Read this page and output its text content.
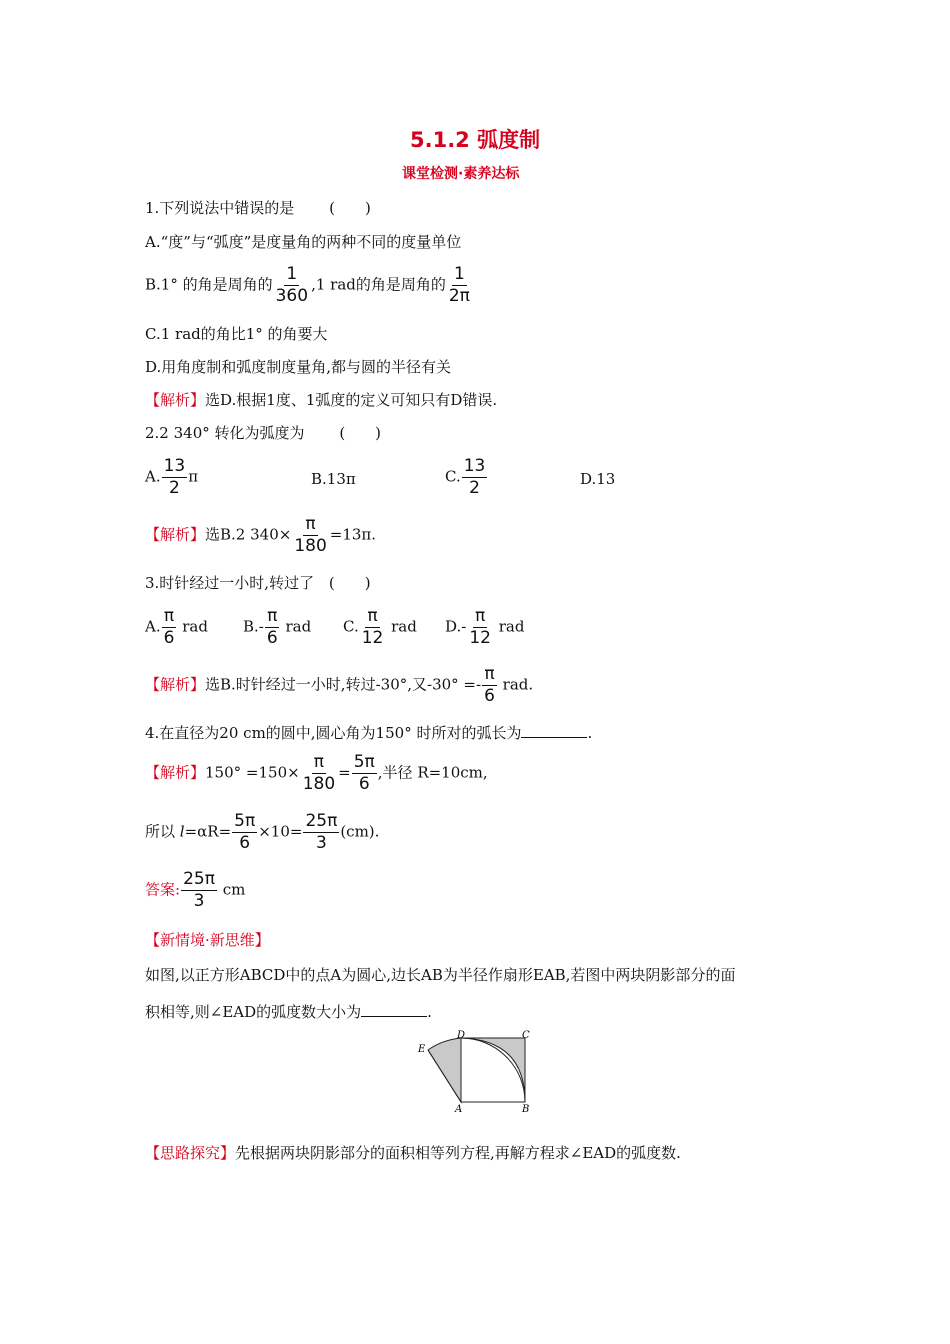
5.1.2 弧度制
课堂检测·素养达标
1.下列说法中错误的是 (　　)
A.“度”与“弧度”是度量角的两种不同的度量单位
B.1° 的角是周角的 $\frac{1}{360} ,1$ rad的角是周角的 $\frac{1}{2\pi}$
C.1 rad的角比1° 的角要大
D.用角度制和弧度制度量角,都与圆的半径有关
【解析】选D.根据1度、1弧度的定义可知只有D错误.
2.2 340° 转化为弧度为 (　　)
A. $\frac{13}{2}$ π	B.13π	C. $\frac{13}{2}$	D.13
【解析】选B.2 $340\times \frac{\pi}{180} =13\pi$.
3.时针经过一小时,转过了 (　　)
A. $\frac{\pi}{6}$ rad $B.- \frac{\pi}{6}$ rad C. $\frac{\pi}{12}$ rad $D.- \frac{\pi}{12}$ rad
【解析】选B.时针经过一小时,转过-30°,又$-30^\circ =- \frac{\pi}{6}$ rad.
4.在直径为20 cm的圆中,圆心角为150° 时所对的弧长为	.
【解析】$150^\circ =150\times \frac{\pi}{180} = \frac{5\pi}{6}$ ,半径 R=10cm,
所以 $l=\alpha R= \frac{5\pi}{6} \times 10= \frac{25\pi}{3} (cm)$.
答案: $\frac{25\pi}{3}$ cm
【新情境·新思维】
如图,以正方形ABCD中的点A为圆心,边长AB为半径作扇形EAB,若图中两块阴影部分的面
积相等,则∠EAD的弧度数大小为	.
E
D	C
A	B
【思路探究】先根据两块阴影部分的面积相等列方程,再解方程求∠EAD的弧度数.
